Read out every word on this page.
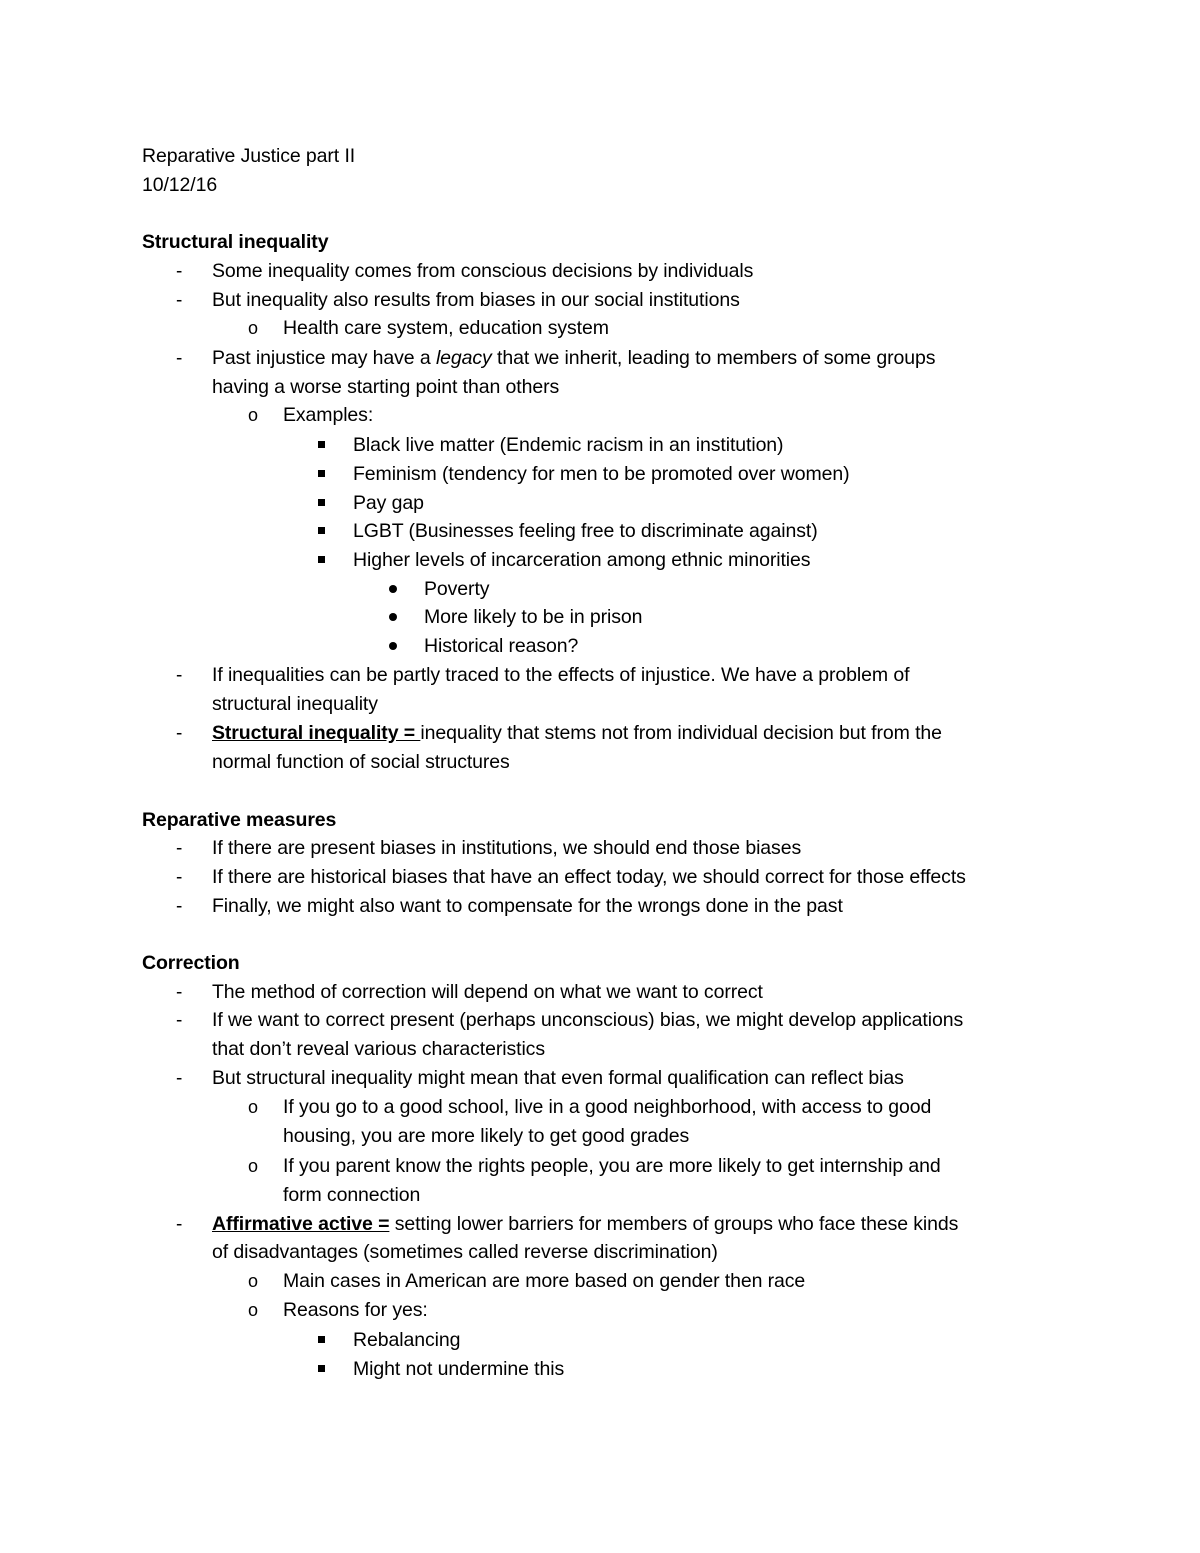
Reparative Justice part II
10/12/16
Structural inequality
- Some inequality comes from conscious decisions by individuals
- But inequality also results from biases in our social institutions
o Health care system, education system
- Past injustice may have a legacy that we inherit, leading to members of some groups
having a worse starting point than others
o Examples:
Black live matter (Endemic racism in an institution)
Feminism (tendency for men to be promoted over women)
Pay gap
LGBT (Businesses feeling free to discriminate against)
Higher levels of incarceration among ethnic minorities
Poverty
More likely to be in prison
Historical reason?
- If inequalities can be partly traced to the effects of injustice. We have a problem of
structural inequality
- Structural inequality = inequality that stems not from individual decision but from the
normal function of social structures
Reparative measures
- If there are present biases in institutions, we should end those biases
- If there are historical biases that have an effect today, we should correct for those effects
- Finally, we might also want to compensate for the wrongs done in the past
Correction
- The method of correction will depend on what we want to correct
- If we want to correct present (perhaps unconscious) bias, we might develop applications
that don’t reveal various characteristics
- But structural inequality might mean that even formal qualification can reflect bias
o If you go to a good school, live in a good neighborhood, with access to good
housing, you are more likely to get good grades
o If you parent know the rights people, you are more likely to get internship and
form connection
- Affirmative active = setting lower barriers for members of groups who face these kinds
of disadvantages (sometimes called reverse discrimination)
o Main cases in American are more based on gender then race
o Reasons for yes:
Rebalancing
Might not undermine this
